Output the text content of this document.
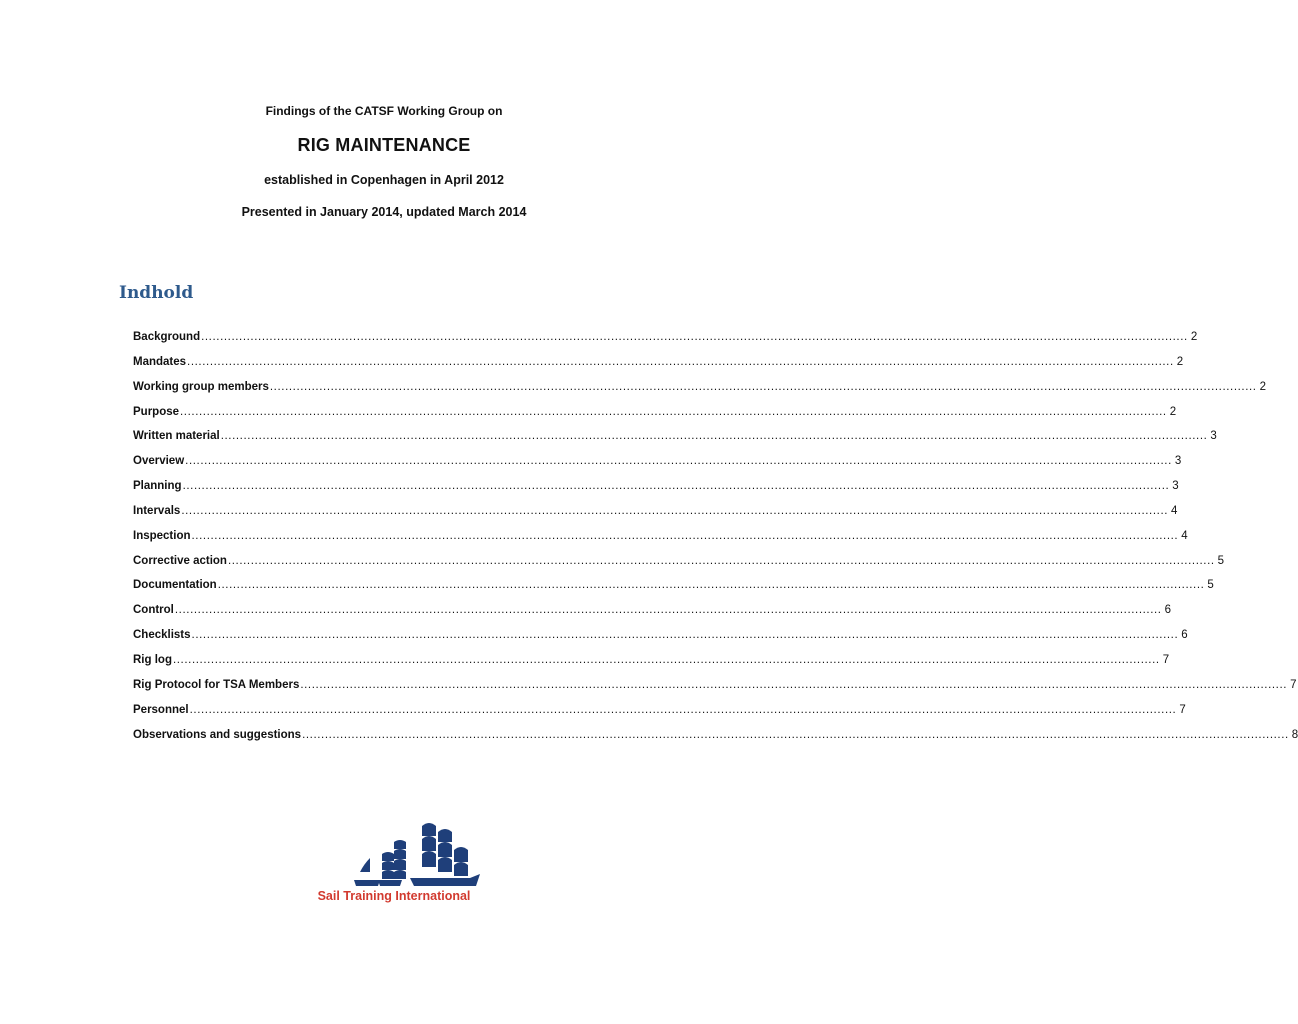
Findings of the CATSF Working Group on
RIG MAINTENANCE
established in Copenhagen in April 2012
Presented in January 2014, updated March 2014
Indhold
Background .................................................................................................................................................................................................................................................................... 2
Mandates .................................................................................................................................................................................................................................................................... 2
Working group members .................................................................................................................................................................................................................................................................... 2
Purpose .................................................................................................................................................................................................................................................................... 2
Written material .................................................................................................................................................................................................................................................................... 3
Overview .................................................................................................................................................................................................................................................................... 3
Planning .................................................................................................................................................................................................................................................................... 3
Intervals .................................................................................................................................................................................................................................................................... 4
Inspection .................................................................................................................................................................................................................................................................... 4
Corrective action .................................................................................................................................................................................................................................................................... 5
Documentation .................................................................................................................................................................................................................................................................... 5
Control .................................................................................................................................................................................................................................................................... 6
Checklists .................................................................................................................................................................................................................................................................... 6
Rig log .................................................................................................................................................................................................................................................................... 7
Rig Protocol for TSA Members .................................................................................................................................................................................................................................................................... 7
Personnel .................................................................................................................................................................................................................................................................... 7
Observations and suggestions .................................................................................................................................................................................................................................................................... 8
Sail Training International
